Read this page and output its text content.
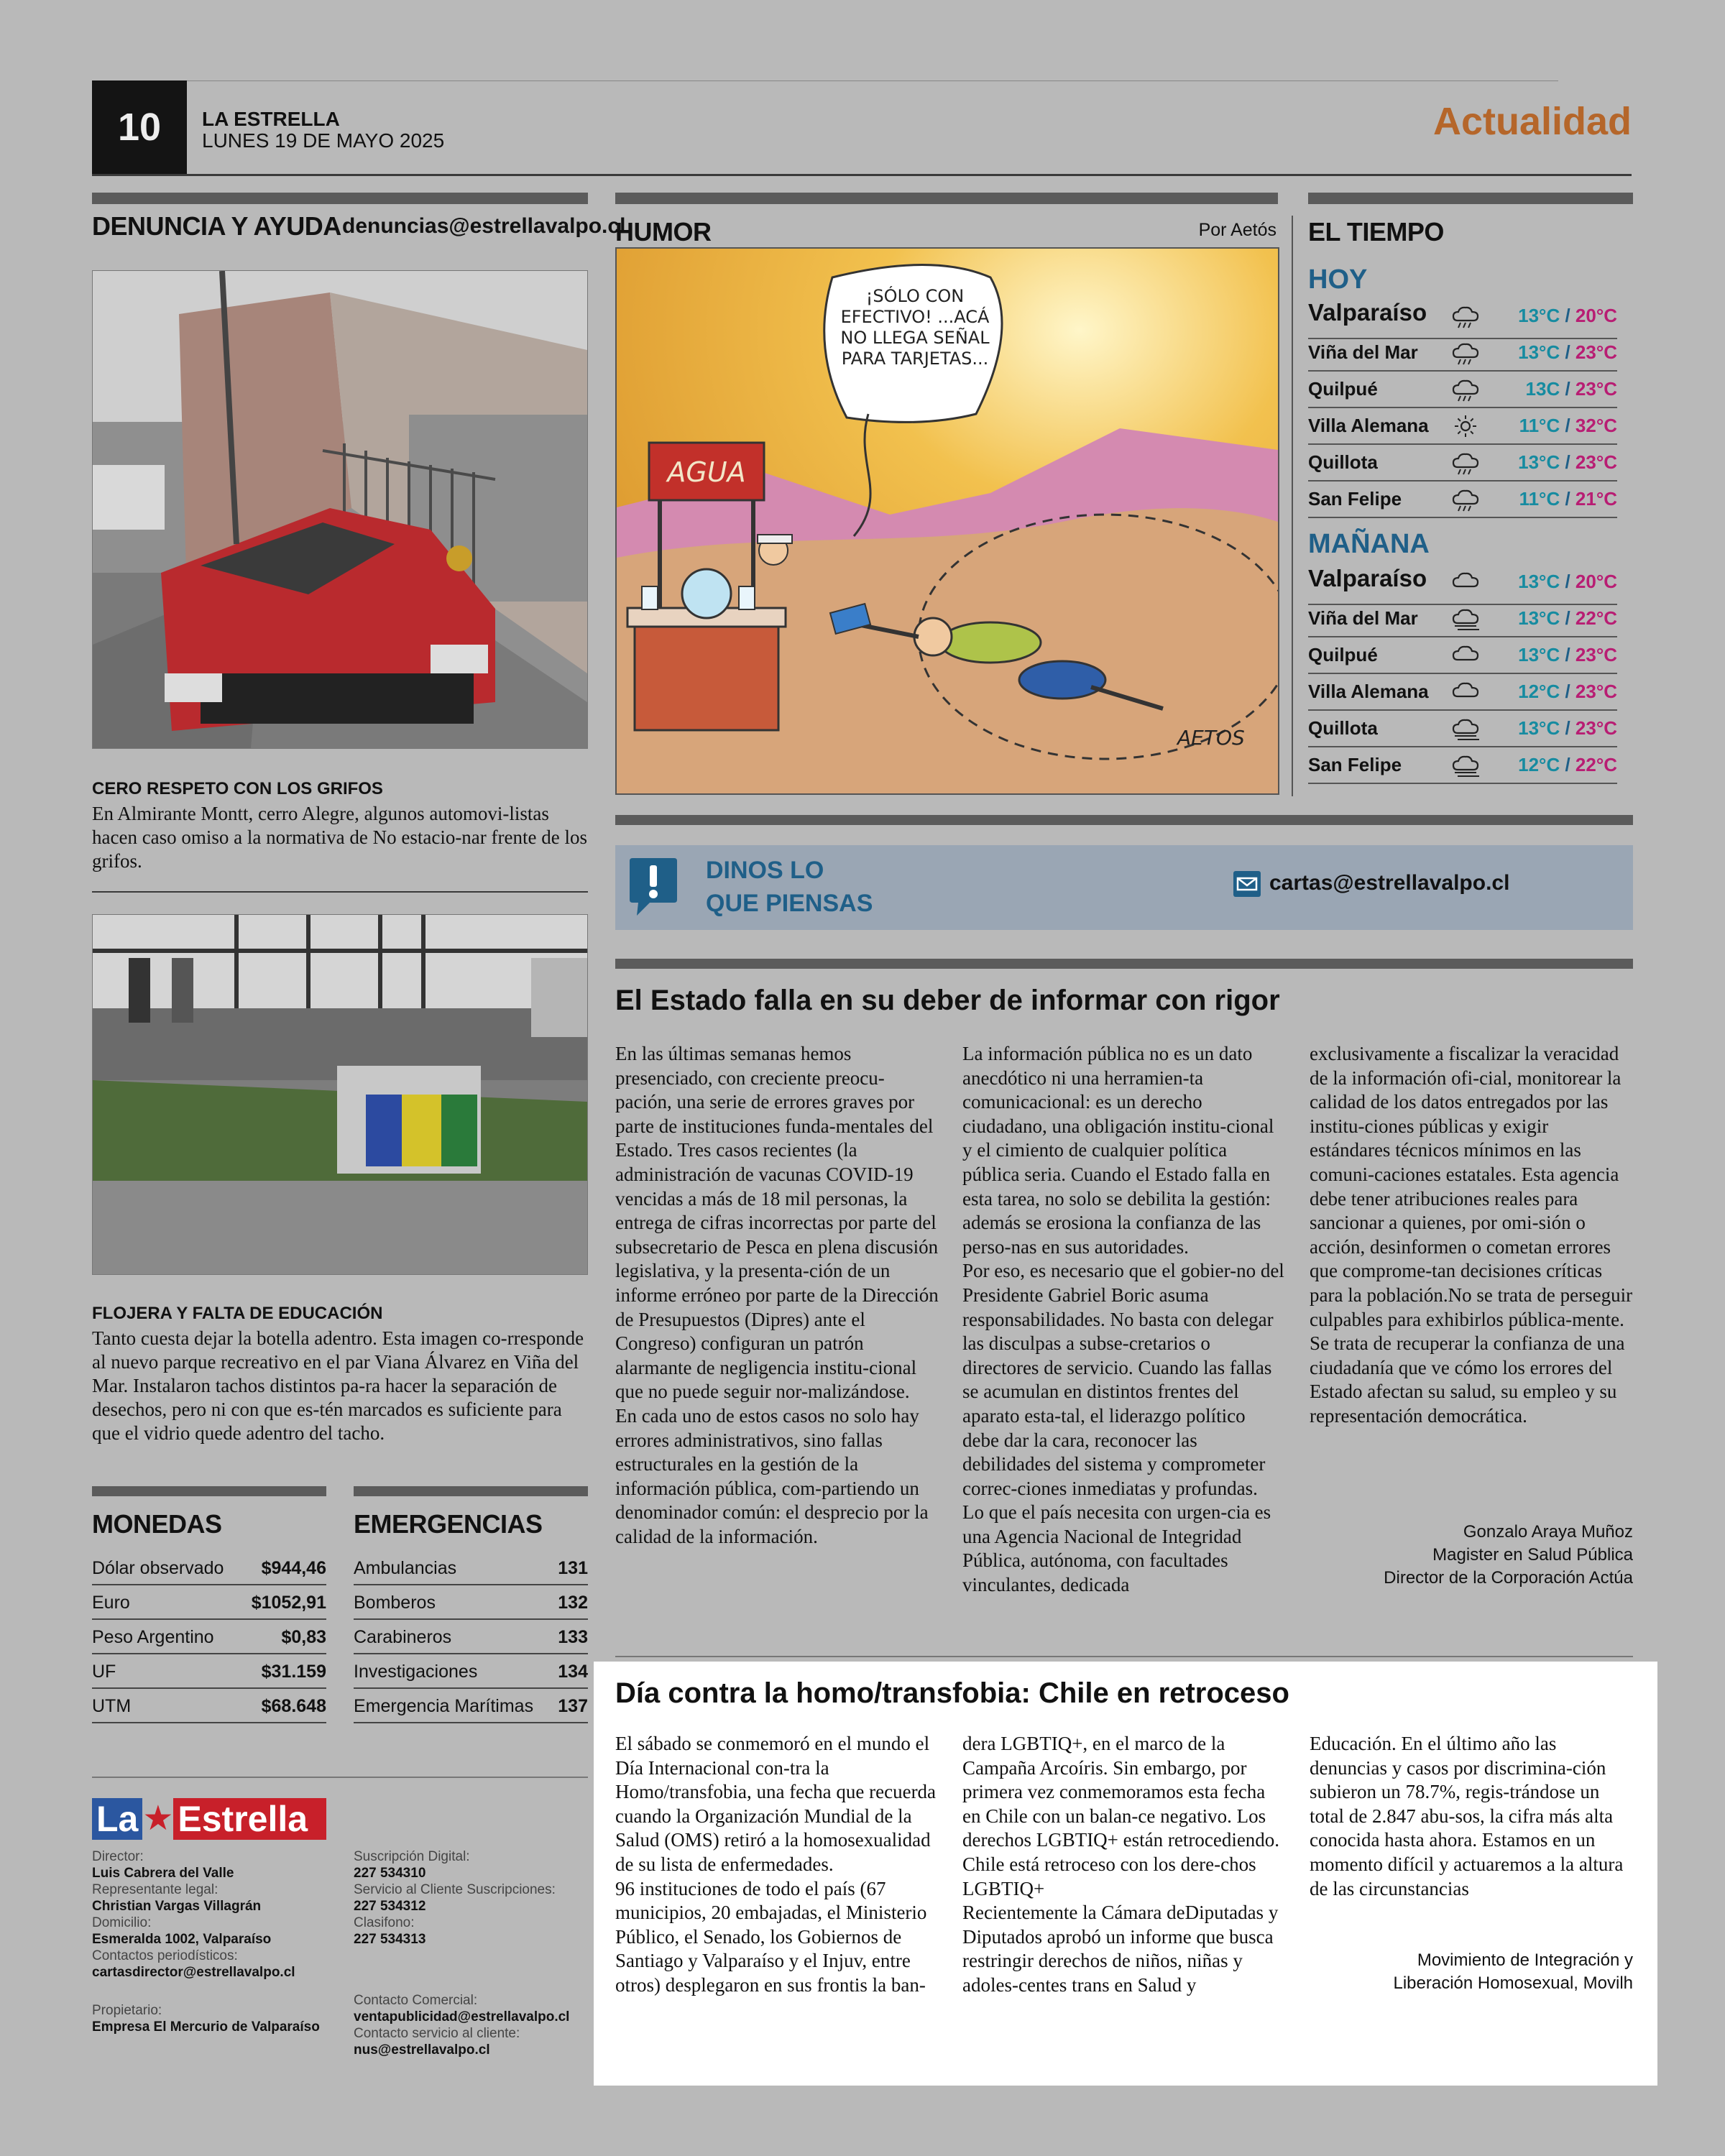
10 LA ESTRELLA
LUNES 19 DE MAYO 2025	Actualidad
DENUNCIA Y AYUDA denuncias@estrellavalpo.cl
CERO RESPETO CON LOS GRIFOS
En Almirante Montt, cerro Alegre, algunos automovi-listas hacen caso omiso a la normativa de No estacio-nar frente de los grifos.
FLOJERA Y FALTA DE EDUCACIÓN
Tanto cuesta dejar la botella adentro. Esta imagen co-rresponde al nuevo parque recreativo en el par Viana Álvarez en Viña del Mar. Instalaron tachos distintos pa-ra hacer la separación de desechos, pero ni con que es-tén marcados es suficiente para que el vidrio quede adentro del tacho.
MONEDAS
Dólar observado $944,46
Euro	$1052,91
Peso Argentino	$0,83
UF	$31.159
UTM	$68.648
EMERGENCIAS
Ambulancias	131
Bomberos	132
Carabineros	133
Investigaciones	134
Emergencia Marítimas 137
La ★ Estrella
Director:
Luis Cabrera del Valle
Representante legal:
Christian Vargas Villagrán
Domicilio:
Esmeralda 1002, Valparaíso
Contactos periodísticos:
cartasdirector@estrellavalpo.cl
Propietario:
Empresa El Mercurio de Valparaíso
Suscripción Digital:
227 534310
Servicio al Cliente Suscripciones:
227 534312
Clasifono:
227 534313
Contacto Comercial:
ventapublicidad@estrellavalpo.cl
Contacto servicio al cliente:
nus@estrellavalpo.cl
HUMOR	Por Aetós
AGUA
¡SÓLO CON EFECTIVO! ...ACÁ NO LLEGA SEÑAL PARA TARJETAS...
AETOS
EL TIEMPO
HOY
Valparaíso	13°C / 20°C
Viña del Mar	13°C / 23°C
Quilpué	13C / 23°C
Villa Alemana	11°C / 32°C
Quillota	13°C / 23°C
San Felipe	11°C / 21°C
MAÑANA
Valparaíso	13°C / 20°C
Viña del Mar	13°C / 22°C
Quilpué	13°C / 23°C
Villa Alemana	12°C / 23°C
Quillota	13°C / 23°C
San Felipe	12°C / 22°C
DINOS LO
QUE PIENSAS
cartas@estrellavalpo.cl
El Estado falla en su deber de informar con rigor

En las últimas semanas hemos presenciado, con creciente preocu-pación, una serie de errores graves por parte de instituciones funda-mentales del Estado. Tres casos recientes (la administración de vacunas COVID-19 vencidas a más de 18 mil personas, la entrega de cifras incorrectas por parte del subsecretario de Pesca en plena discusión legislativa, y la presenta-ción de un informe erróneo por parte de la Dirección de Presupuestos (Dipres) ante el Congreso) configuran un patrón alarmante de negligencia institu-cional que no puede seguir nor-malizándose.

En cada uno de estos casos no solo hay errores administrativos, sino fallas estructurales en la gestión de la información pública, com-partiendo un denominador común: el desprecio por la calidad de la información.

La información pública no es un dato anecdótico ni una herramien-ta comunicacional: es un derecho ciudadano, una obligación institu-cional y el cimiento de cualquier política pública seria. Cuando el Estado falla en esta tarea, no solo se debilita la gestión: además se erosiona la confianza de las perso-nas en sus autoridades.

Por eso, es necesario que el gobier-no del Presidente Gabriel Boric asuma responsabilidades. No basta con delegar las disculpas a subse-cretarios o directores de servicio. Cuando las fallas se acumulan en distintos frentes del aparato esta-tal, el liderazgo político debe dar la cara, reconocer las debilidades del sistema y comprometer correc-ciones inmediatas y profundas.

Lo que el país necesita con urgen-cia es una Agencia Nacional de Integridad Pública, autónoma, con facultades vinculantes, dedicada

exclusivamente a fiscalizar la veracidad de la información ofi-cial, monitorear la calidad de los datos entregados por las institu-ciones públicas y exigir estándares técnicos mínimos en las comuni-caciones estatales. Esta agencia debe tener atribuciones reales para sancionar a quienes, por omi-sión o acción, desinformen o cometan errores que comprome-tan decisiones críticas para la población.No se trata de perseguir culpables para exhibirlos pública-mente. Se trata de recuperar la confianza de una ciudadanía que ve cómo los errores del Estado afectan su salud, su empleo y su representación democrática.

Gonzalo Araya Muñoz
Magister en Salud Pública
Director de la Corporación Actúa
Día contra la homo/transfobia: Chile en retroceso

El sábado se conmemoró en el mundo el Día Internacional con-tra la Homo/transfobia, una fecha que recuerda cuando la Organización Mundial de la Salud (OMS) retiró a la homosexualidad de su lista de enfermedades.

96 instituciones de todo el país (67 municipios, 20 embajadas, el Ministerio Público, el Senado, los Gobiernos de Santiago y Valparaíso y el Injuv, entre otros) desplegaron en sus frontis la ban-

dera LGBTIQ+, en el marco de la Campaña Arcoíris. Sin embargo, por primera vez conmemoramos esta fecha en Chile con un balan-ce negativo. Los derechos LGBTIQ+ están retrocediendo.

Chile está retroceso con los dere-chos LGBTIQ+

Recientemente la Cámara deDiputadas y Diputados aprobó un informe que busca restringir derechos de niños, niñas y adoles-centes trans en Salud y

Educación. En el último año las denuncias y casos por discrimina-ción subieron un 78.7%, regis-trándose un total de 2.847 abu-sos, la cifra más alta conocida hasta ahora. Estamos en un momento difícil y actuaremos a la altura de las circunstancias

Movimiento de Integración y
Liberación Homosexual, Movilh
